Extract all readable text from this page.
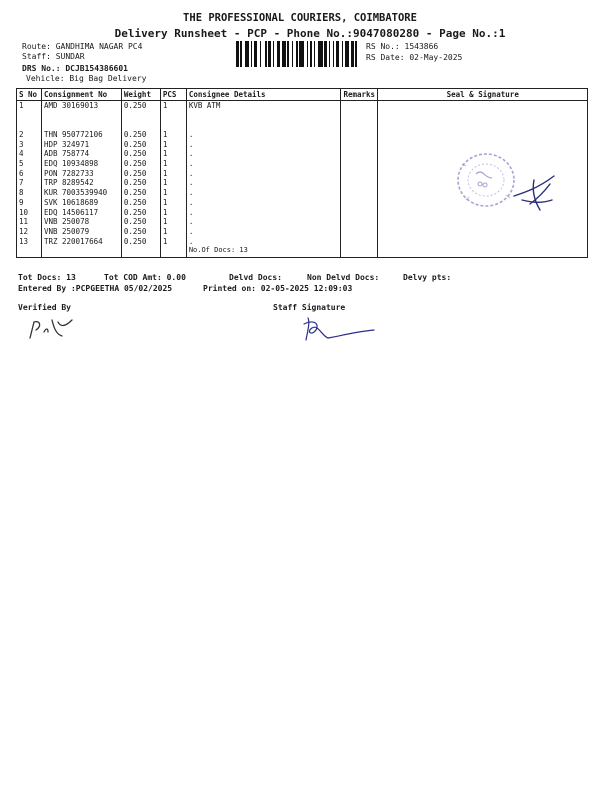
THE PROFESSIONAL COURIERS, COIMBATORE
Delivery Runsheet - PCP - Phone No.:9047080280 - Page No.:1
Route: GANDHIMA NAGAR PC4
Staff: SUNDAR
DRS No.: DCJB154386601
Vehicle: Big Bag Delivery
RS No.: 1543866
RS Date: 02-May-2025
S No	Consignment No	Weight	PCS	Consignee Details	Remarks	Seal & Signature
1	AMD 30169013	0.250	1	KVB ATM		
2	THN 950772106	0.250	1	.		
3	HDP 324971	0.250	1	.		
4	ADB 758774	0.250	1	.		
5	EDQ 10934898	0.250	1	.		
6	PON 7282733	0.250	1	.		
7	TRP 8289542	0.250	1	.		
8	KUR 7003539940	0.250	1	.		
9	SVK 10618689	0.250	1	.		
10	EDQ 14506117	0.250	1	.		
11	VNB 250078	0.250	1	.		
12	VNB 250079	0.250	1	.		
13	TRZ 220017664	0.250	1	.		
				No.Of Docs: 13		
Tot Docs: 13	Tot COD Amt: 0.00	Delvd Docs:	Non Delvd Docs:	Delvy pts:
Entered By :PCPGEETHA 05/02/2025	Printed on: 02-05-2025 12:09:03
Verified By	Staff Signature
